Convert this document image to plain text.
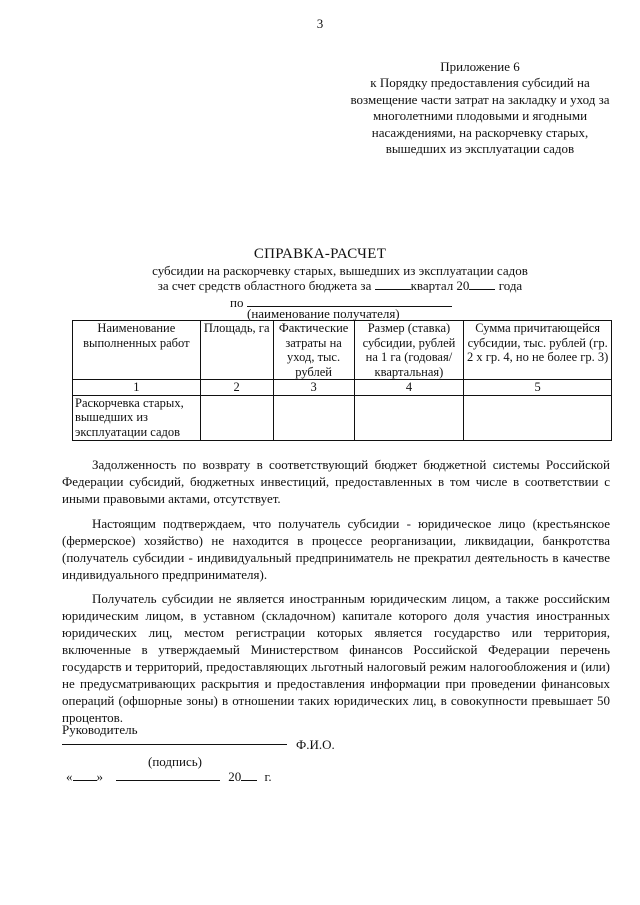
3
Приложение 6
к Порядку предоставления субсидий на
возмещение части затрат на закладку и уход за
многолетними плодовыми и ягодными
насаждениями, на раскорчевку старых,
вышедших из эксплуатации садов
СПРАВКА-РАСЧЕТ
субсидии на раскорчевку старых, вышедших из эксплуатации садов
за счет средств областного бюджета за	квартал 20 года
по
(наименование получателя)
Наименование выполненных работ	Площадь, га	Фактические затраты на уход, тыс. рублей	Размер (ставка) субсидии, рублей на 1 га (годовая/ квартальная)	Сумма причитающейся субсидии, тыс. рублей (гр. 2 х гр. 4, но не более гр. 3)
1	2	3	4	5
Раскорчевка старых, вышедших из эксплуатации садов				

Задолженность по возврату в соответствующий бюджет бюджетной системы Российской Федерации субсидий, бюджетных инвестиций, предоставленных в том числе в соответствии с иными правовыми актами, отсутствует.

Настоящим подтверждаем, что получатель субсидии - юридическое лицо (крестьянское (фермерское) хозяйство) не находится в процессе реорганизации, ликвидации, банкротства (получатель субсидии - индивидуальный предприниматель не прекратил деятельность в качестве индивидуального предпринимателя).

Получатель субсидии не является иностранным юридическим лицом, а также российским юридическим лицом, в уставном (складочном) капитале которого доля участия иностранных юридических лиц, местом регистрации которых является государство или территория, включенные в утверждаемый Министерством финансов Российской Федерации перечень государств и территорий, предоставляющих льготный налоговый режим налогообложения и (или) не предусматривающих раскрытия и предоставления информации при проведении финансовых операций (офшорные зоны) в отношении таких юридических лиц, в совокупности превышает 50 процентов.

Руководитель
Ф.И.О.
(подпись)
« »	20 г.
